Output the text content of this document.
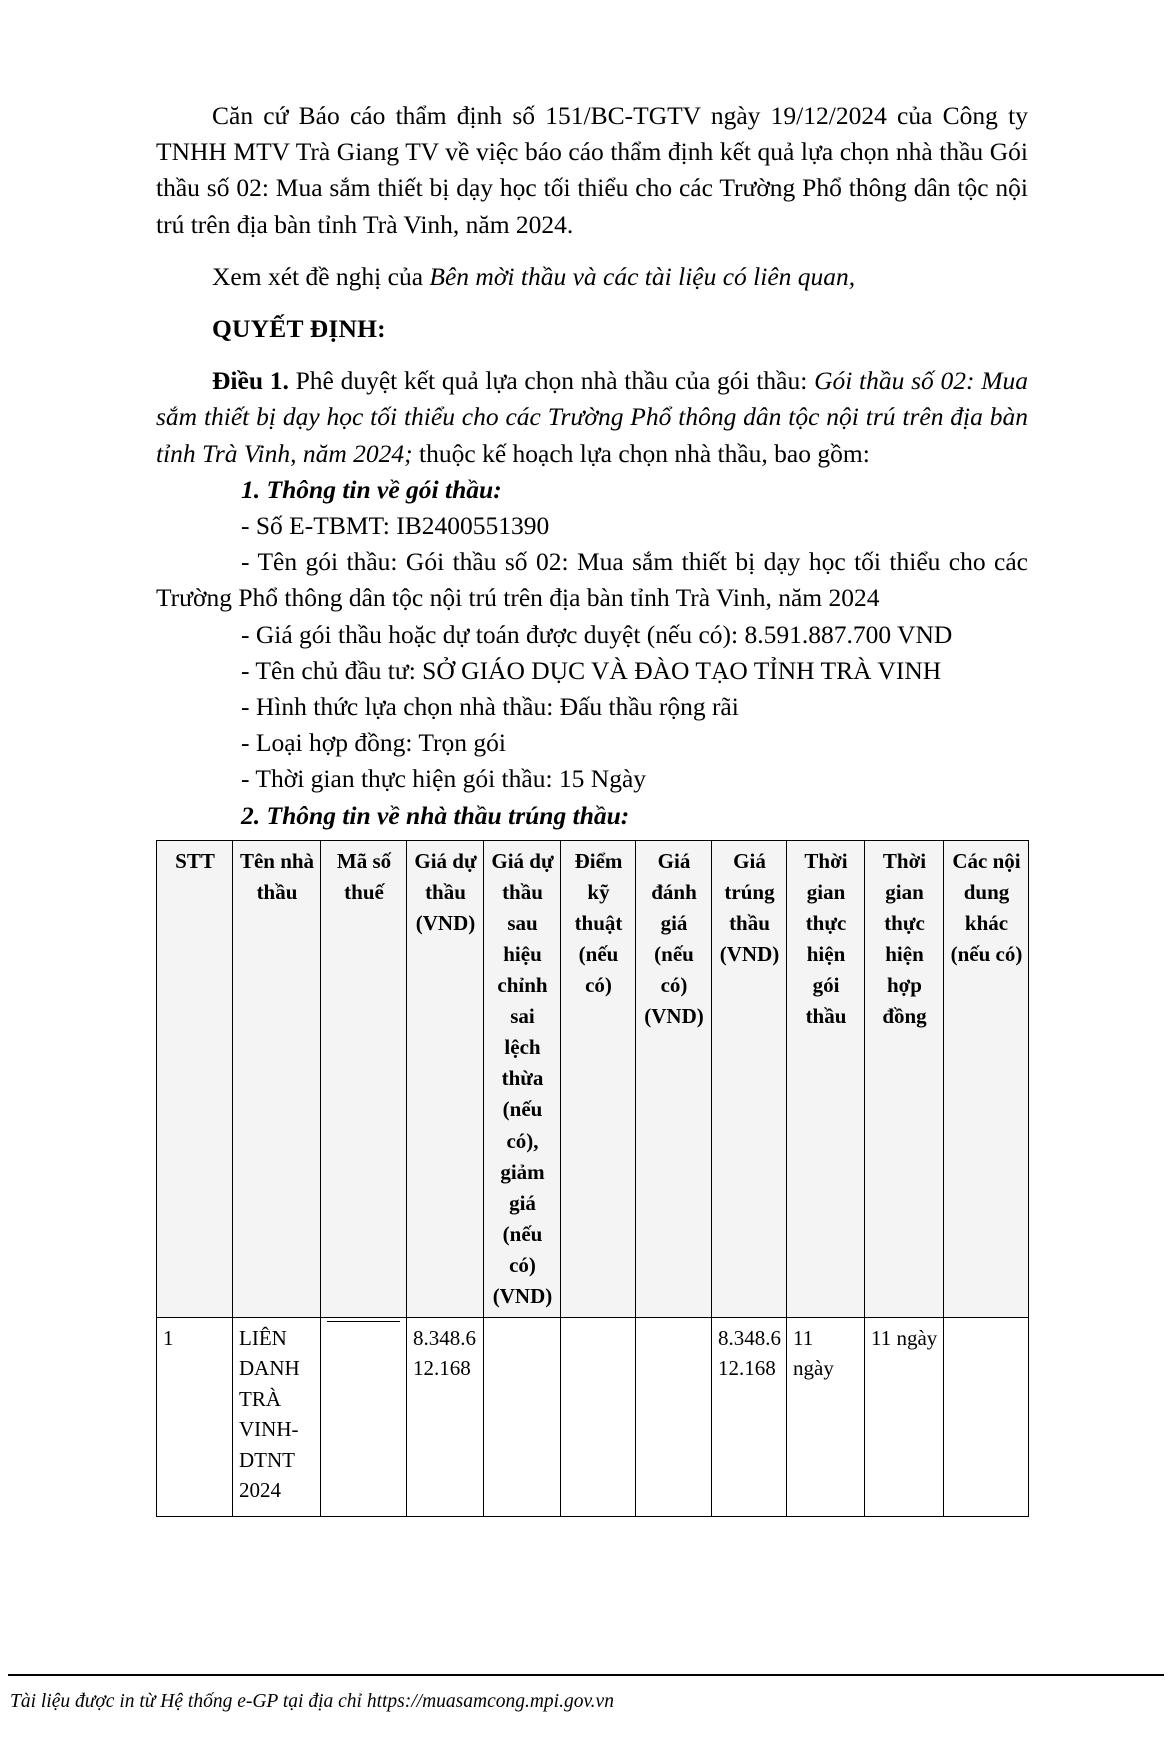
Căn cứ Báo cáo thẩm định số 151/BC-TGTV ngày 19/12/2024 của Công ty TNHH MTV Trà Giang TV về việc báo cáo thẩm định kết quả lựa chọn nhà thầu Gói thầu số 02: Mua sắm thiết bị dạy học tối thiểu cho các Trường Phổ thông dân tộc nội trú trên địa bàn tỉnh Trà Vinh, năm 2024.

Xem xét đề nghị của Bên mời thầu và các tài liệu có liên quan,

QUYẾT ĐỊNH:

Điều 1. Phê duyệt kết quả lựa chọn nhà thầu của gói thầu: Gói thầu số 02: Mua sắm thiết bị dạy học tối thiểu cho các Trường Phổ thông dân tộc nội trú trên địa bàn tỉnh Trà Vinh, năm 2024; thuộc kế hoạch lựa chọn nhà thầu, bao gồm:

1. Thông tin về gói thầu:

- Số E-TBMT: IB2400551390

- Tên gói thầu: Gói thầu số 02: Mua sắm thiết bị dạy học tối thiểu cho các Trường Phổ thông dân tộc nội trú trên địa bàn tỉnh Trà Vinh, năm 2024

- Giá gói thầu hoặc dự toán được duyệt (nếu có): 8.591.887.700 VND

- Tên chủ đầu tư: SỞ GIÁO DỤC VÀ ĐÀO TẠO TỈNH TRÀ VINH

- Hình thức lựa chọn nhà thầu: Đấu thầu rộng rãi

- Loại hợp đồng: Trọn gói

- Thời gian thực hiện gói thầu: 15 Ngày

2. Thông tin về nhà thầu trúng thầu:

STT	Tên nhà thầu	Mã số thuế	Giá dự thầu (VND)	Giá dự thầu sau hiệu chỉnh sai lệch thừa (nếu có), giảm giá (nếu có) (VND)	Điểm kỹ thuật (nếu có)	Giá đánh giá (nếu có) (VND)	Giá trúng thầu (VND)	Thời gian thực hiện gói thầu	Thời gian thực hiện hợp đồng	Các nội dung khác (nếu có)
1	LIÊN DANH TRÀ VINH-DTNT 2024		8.348.612.168				8.348.612.168	11 ngày	11 ngày	
Tài liệu được in từ Hệ thống e-GP tại địa chỉ https://muasamcong.mpi.gov.vn
